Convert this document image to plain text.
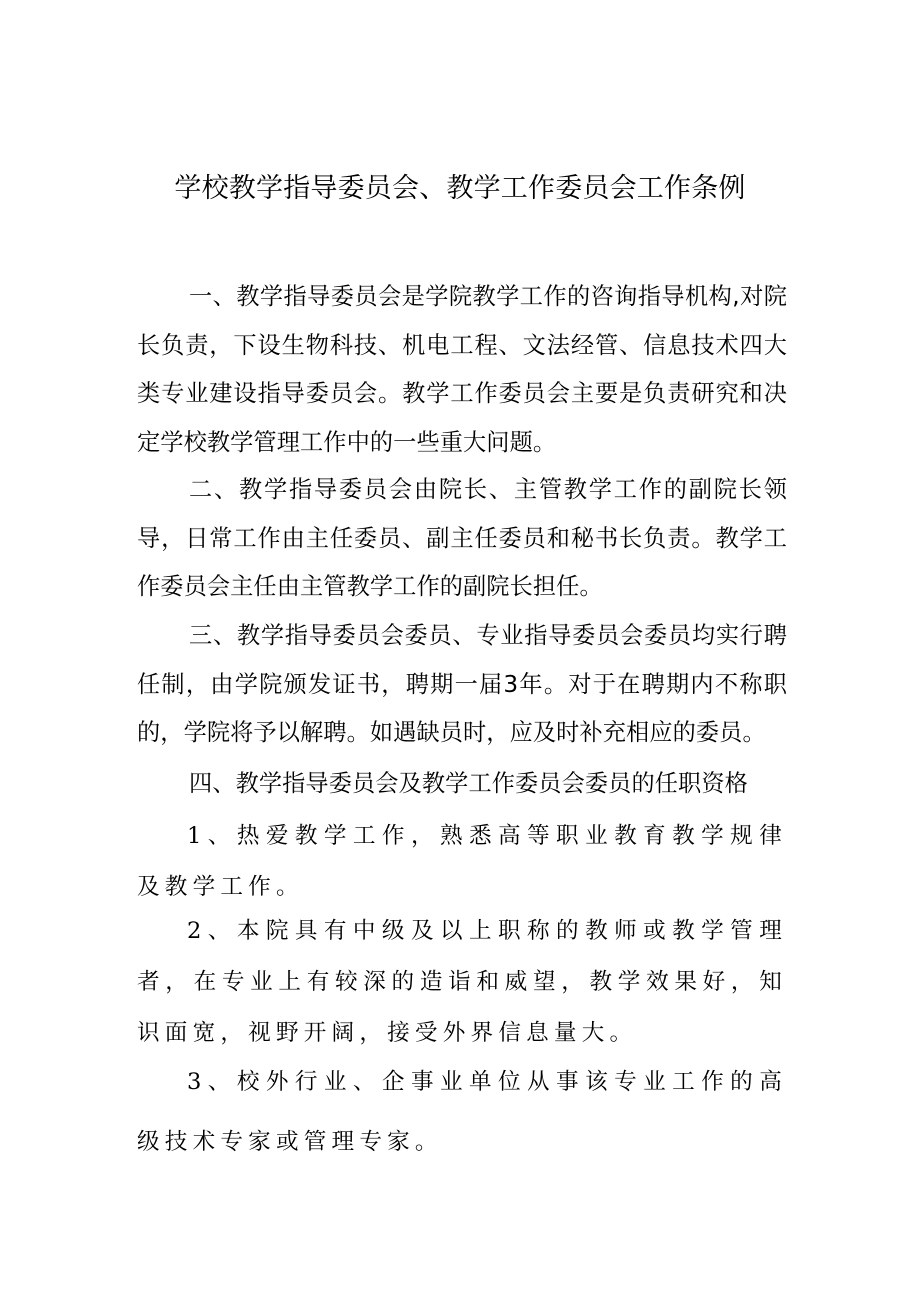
学校教学指导委员会、教学工作委员会工作条例

一、教学指导委员会是学院教学工作的咨询指导机构,对院长负责，下设生物科技、机电工程、文法经管、信息技术四大类专业建设指导委员会。教学工作委员会主要是负责研究和决定学校教学管理工作中的一些重大问题。

二、教学指导委员会由院长、主管教学工作的副院长领导，日常工作由主任委员、副主任委员和秘书长负责。教学工作委员会主任由主管教学工作的副院长担任。

三、教学指导委员会委员、专业指导委员会委员均实行聘任制，由学院颁发证书，聘期一届3年。对于在聘期内不称职的，学院将予以解聘。如遇缺员时，应及时补充相应的委员。

四、教学指导委员会及教学工作委员会委员的任职资格

1、热爱教学工作，熟悉高等职业教育教学规律及教学工作。

2、本院具有中级及以上职称的教师或教学管理者，在专业上有较深的造诣和威望，教学效果好，知识面宽，视野开阔，接受外界信息量大。

3、校外行业、企事业单位从事该专业工作的高级技术专家或管理专家。
